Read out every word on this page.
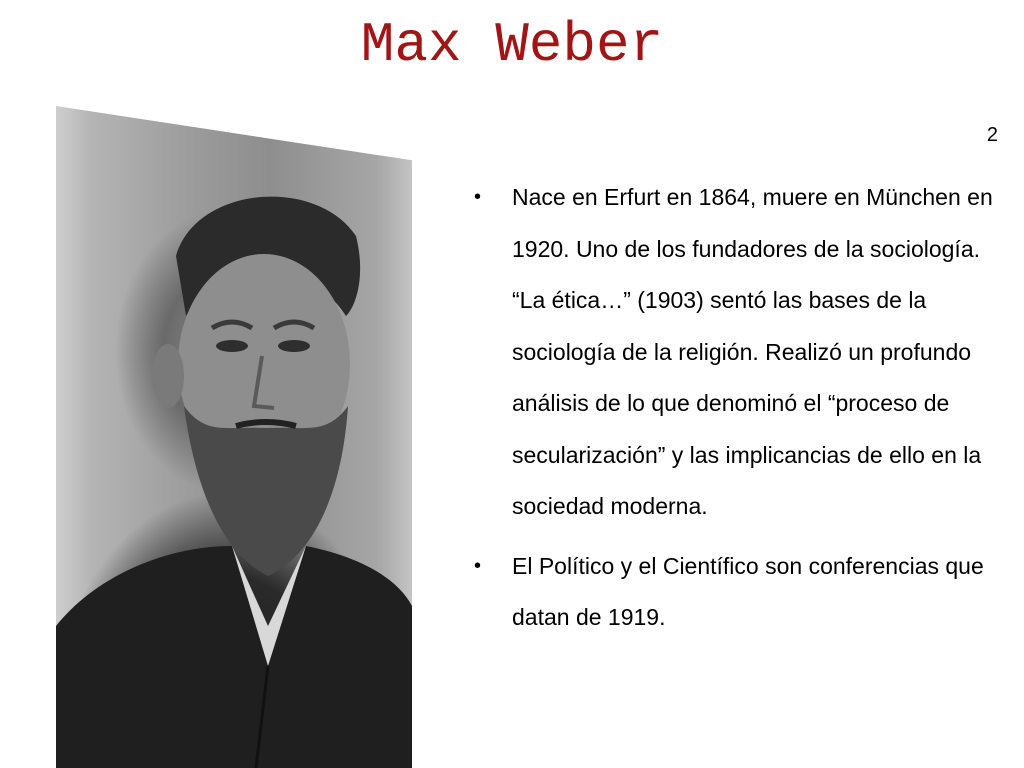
Max Weber
2
• Nace en Erfurt en 1864, muere en München en 1920. Uno de los fundadores de la sociología. “La ética…” (1903) sentó las bases de la sociología de la religión. Realizó un profundo análisis de lo que denominó el “proceso de secularización” y las implicancias de ello en la sociedad moderna.
• El Político y el Científico son conferencias que datan de 1919.
